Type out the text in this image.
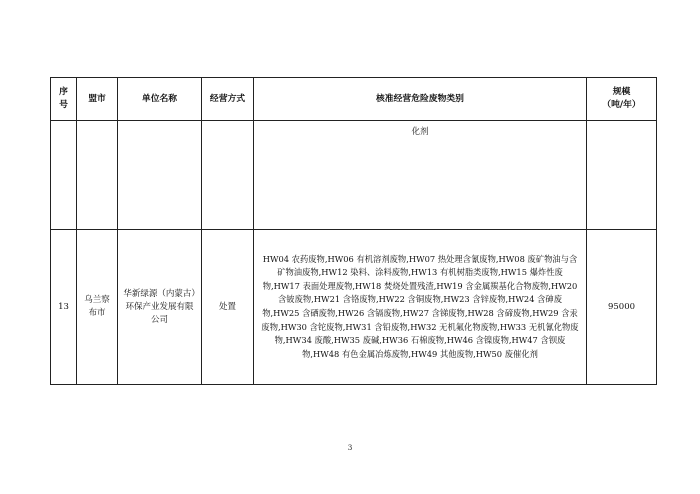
序
号	盟市	单位名称	经营方式	核准经营危险废物类别	规模
（吨/年）
				化剂	
13	乌兰察布市	华新绿源（内蒙古）环保产业发展有限公司	处置	HW04 农药废物,HW06 有机溶剂废物,HW07 热处理含氰废物,HW08 废矿物油与含矿物油废物,HW12 染料、涂料废物,HW13 有机树脂类废物,HW15 爆炸性废物,HW17 表面处理废物,HW18 焚烧处置残渣,HW19 含金属羰基化合物废物,HW20 含铍废物,HW21 含铬废物,HW22 含铜废物,HW23 含锌废物,HW24 含砷废物,HW25 含硒废物,HW26 含镉废物,HW27 含锑废物,HW28 含碲废物,HW29 含汞废物,HW30 含铊废物,HW31 含铅废物,HW32 无机氟化物废物,HW33 无机氰化物废物,HW34 废酸,HW35 废碱,HW36 石棉废物,HW46 含镍废物,HW47 含钡废物,HW48 有色金属冶炼废物,HW49 其他废物,HW50 废催化剂	95000
3
